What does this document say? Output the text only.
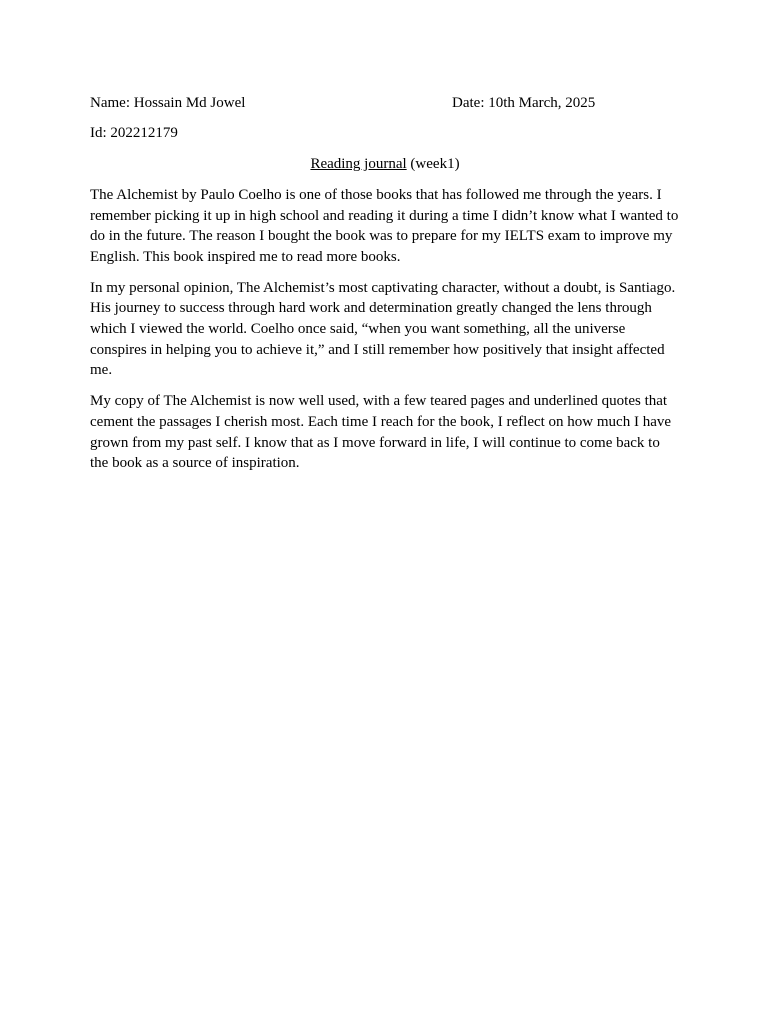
Name: Hossain Md Jowel	Date: 10th March, 2025
Id: 202212179
Reading journal (week1)

The Alchemist by Paulo Coelho is one of those books that has followed me through the years. I remember picking it up in high school and reading it during a time I didn’t know what I wanted to do in the future. The reason I bought the book was to prepare for my IELTS exam to improve my English. This book inspired me to read more books.

In my personal opinion, The Alchemist’s most captivating character, without a doubt, is Santiago. His journey to success through hard work and determination greatly changed the lens through which I viewed the world. Coelho once said, “when you want something, all the universe conspires in helping you to achieve it,” and I still remember how positively that insight affected me.

My copy of The Alchemist is now well used, with a few teared pages and underlined quotes that cement the passages I cherish most. Each time I reach for the book, I reflect on how much I have grown from my past self. I know that as I move forward in life, I will continue to come back to the book as a source of inspiration.
